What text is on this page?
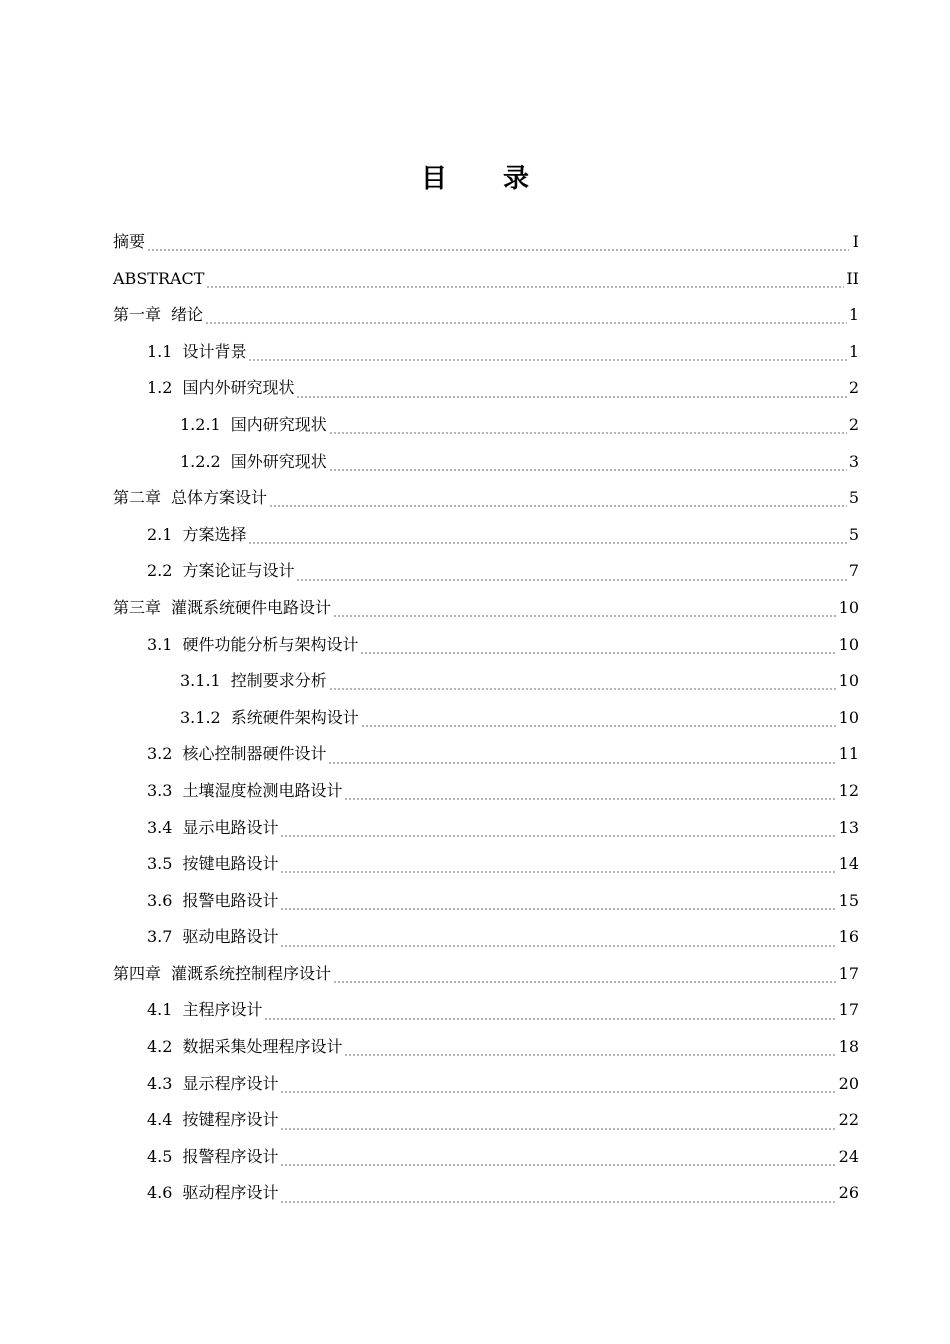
目 录
摘要	I
ABSTRACT	II
第一章 绪论	1
1.1 设计背景	1
1.2 国内外研究现状	2
1.2.1 国内研究现状	2
1.2.2 国外研究现状	3
第二章 总体方案设计	5
2.1 方案选择	5
2.2 方案论证与设计	7
第三章 灌溉系统硬件电路设计	10
3.1 硬件功能分析与架构设计	10
3.1.1 控制要求分析	10
3.1.2 系统硬件架构设计	10
3.2 核心控制器硬件设计	11
3.3 土壤湿度检测电路设计	12
3.4 显示电路设计	13
3.5 按键电路设计	14
3.6 报警电路设计	15
3.7 驱动电路设计	16
第四章 灌溉系统控制程序设计	17
4.1 主程序设计	17
4.2 数据采集处理程序设计	18
4.3 显示程序设计	20
4.4 按键程序设计	22
4.5 报警程序设计	24
4.6 驱动程序设计	26
